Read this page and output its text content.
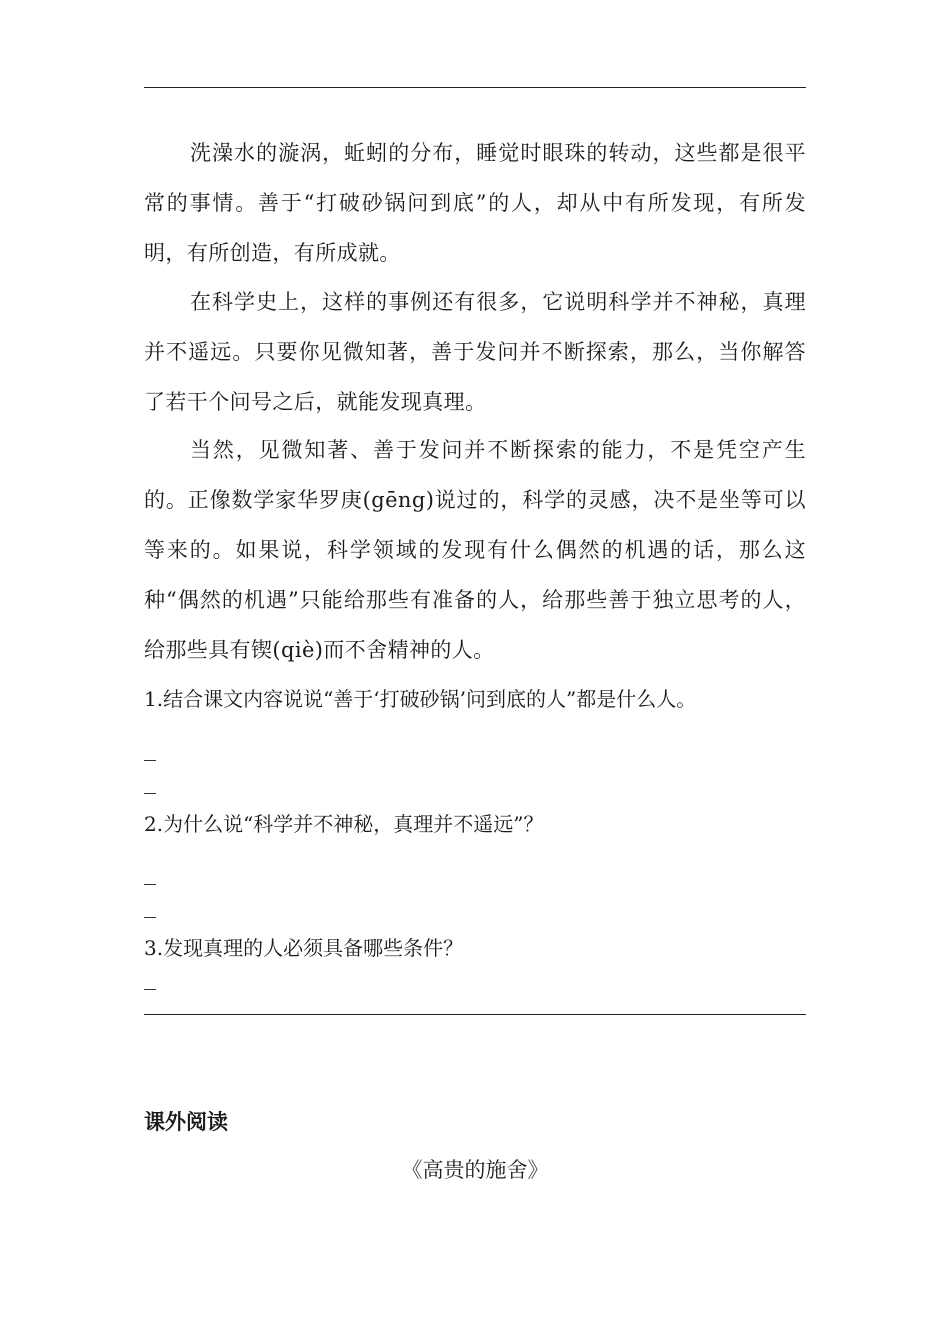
洗澡水的漩涡，蚯蚓的分布，睡觉时眼珠的转动，这些都是很平常的事情。善于“打破砂锅问到底”的人，却从中有所发现，有所发明，有所创造，有所成就。

在科学史上，这样的事例还有很多，它说明科学并不神秘，真理并不遥远。只要你见微知著，善于发问并不断探索，那么，当你解答了若干个问号之后，就能发现真理。

当然，见微知著、善于发问并不断探索的能力，不是凭空产生的。正像数学家华罗庚(gēng)说过的，科学的灵感，决不是坐等可以等来的。如果说，科学领域的发现有什么偶然的机遇的话，那么这种“偶然的机遇”只能给那些有准备的人，给那些善于独立思考的人，给那些具有锲(qiè)而不舍精神的人。

1.结合课文内容说说“善于‘打破砂锅’问到底的人”都是什么人。

2.为什么说“科学并不神秘，真理并不遥远”？

3.发现真理的人必须具备哪些条件？

课外阅读

《高贵的施舍》
